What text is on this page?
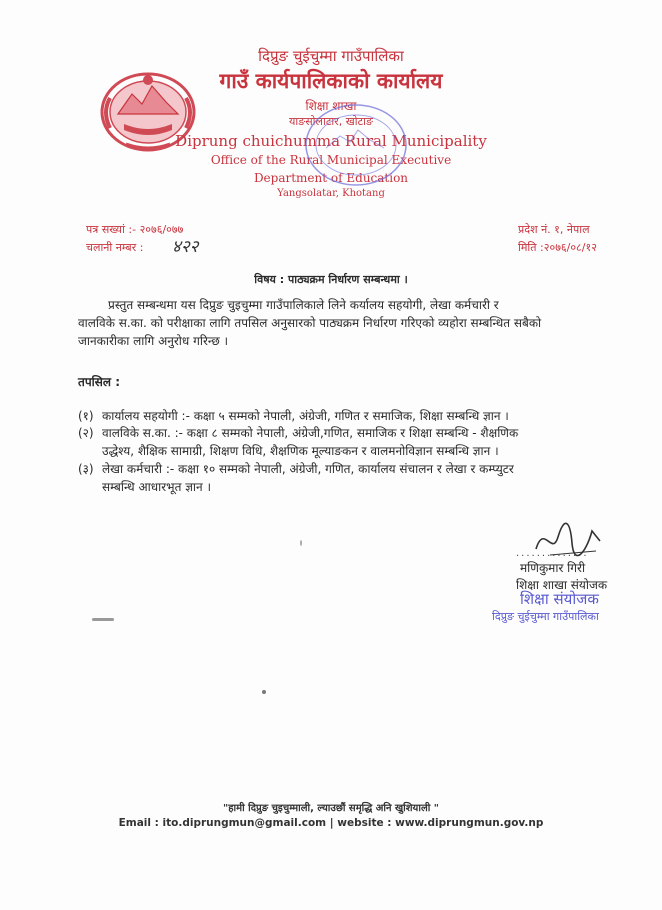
दिप्रुङ चुईचुम्मा गाउँपालिका
गाउँ कार्यपालिकाको कार्यालय
शिक्षा शाखा
याङसोलाटार, खोटाङ
Diprung chuichumma Rural Municipality
Office of the Rural Municipal Executive
Department of Education
Yangsolatar, Khotang
पत्र सख्यां :- २०७६/०७७
चलानी नम्बर : ४२२
प्रदेश नं. १, नेपाल
मिति :२०७६/०८/१२
विषय : पाठ्यक्रम निर्धारण सम्बन्धमा ।
प्रस्तुत सम्बन्धमा यस दिप्रुङ चुइचुम्मा गाउँपालिकाले लिने कर्यालय सहयोगी, लेखा कर्मचारी र
वालविके स.का. को परीक्षाका लागि तपसिल अनुसारको पाठ्यक्रम निर्धारण गरिएको व्यहोरा सम्बन्धित सबैको
जानकारीका लागि अनुरोध गरिन्छ ।
तपसिल :
(१) कार्यालय सहयोगी :- कक्षा ५ सम्मको नेपाली, अंग्रेजी, गणित र समाजिक, शिक्षा सम्बन्धि ज्ञान ।
(२) वालविके स.का. :- कक्षा ८ सम्मको नेपाली, अंग्रेजी,गणित, समाजिक र शिक्षा सम्बन्धि - शैक्षणिक
उद्धेश्य, शैक्षिक सामाग्री, शिक्षण विधि, शैक्षणिक मूल्याङकन र वालमनोविज्ञान सम्बन्धि ज्ञान ।
(३) लेखा कर्मचारी :- कक्षा १० सम्मको नेपाली, अंग्रेजी, गणित, कार्यालय संचालन र लेखा र कम्प्युटर
सम्बन्धि आधारभूत ज्ञान ।
..............
मणिकुमार गिरी
शिक्षा शाखा संयोजक
शिक्षा संयोजक
दिप्रुङ चुईचुम्मा गाउँपालिका
"हामी दिप्रुङ चुइचुम्माली, ल्याउछौं समृद्धि अनि खुशियाली "
Email : ito.diprungmun@gmail.com | website : www.diprungmun.gov.np
